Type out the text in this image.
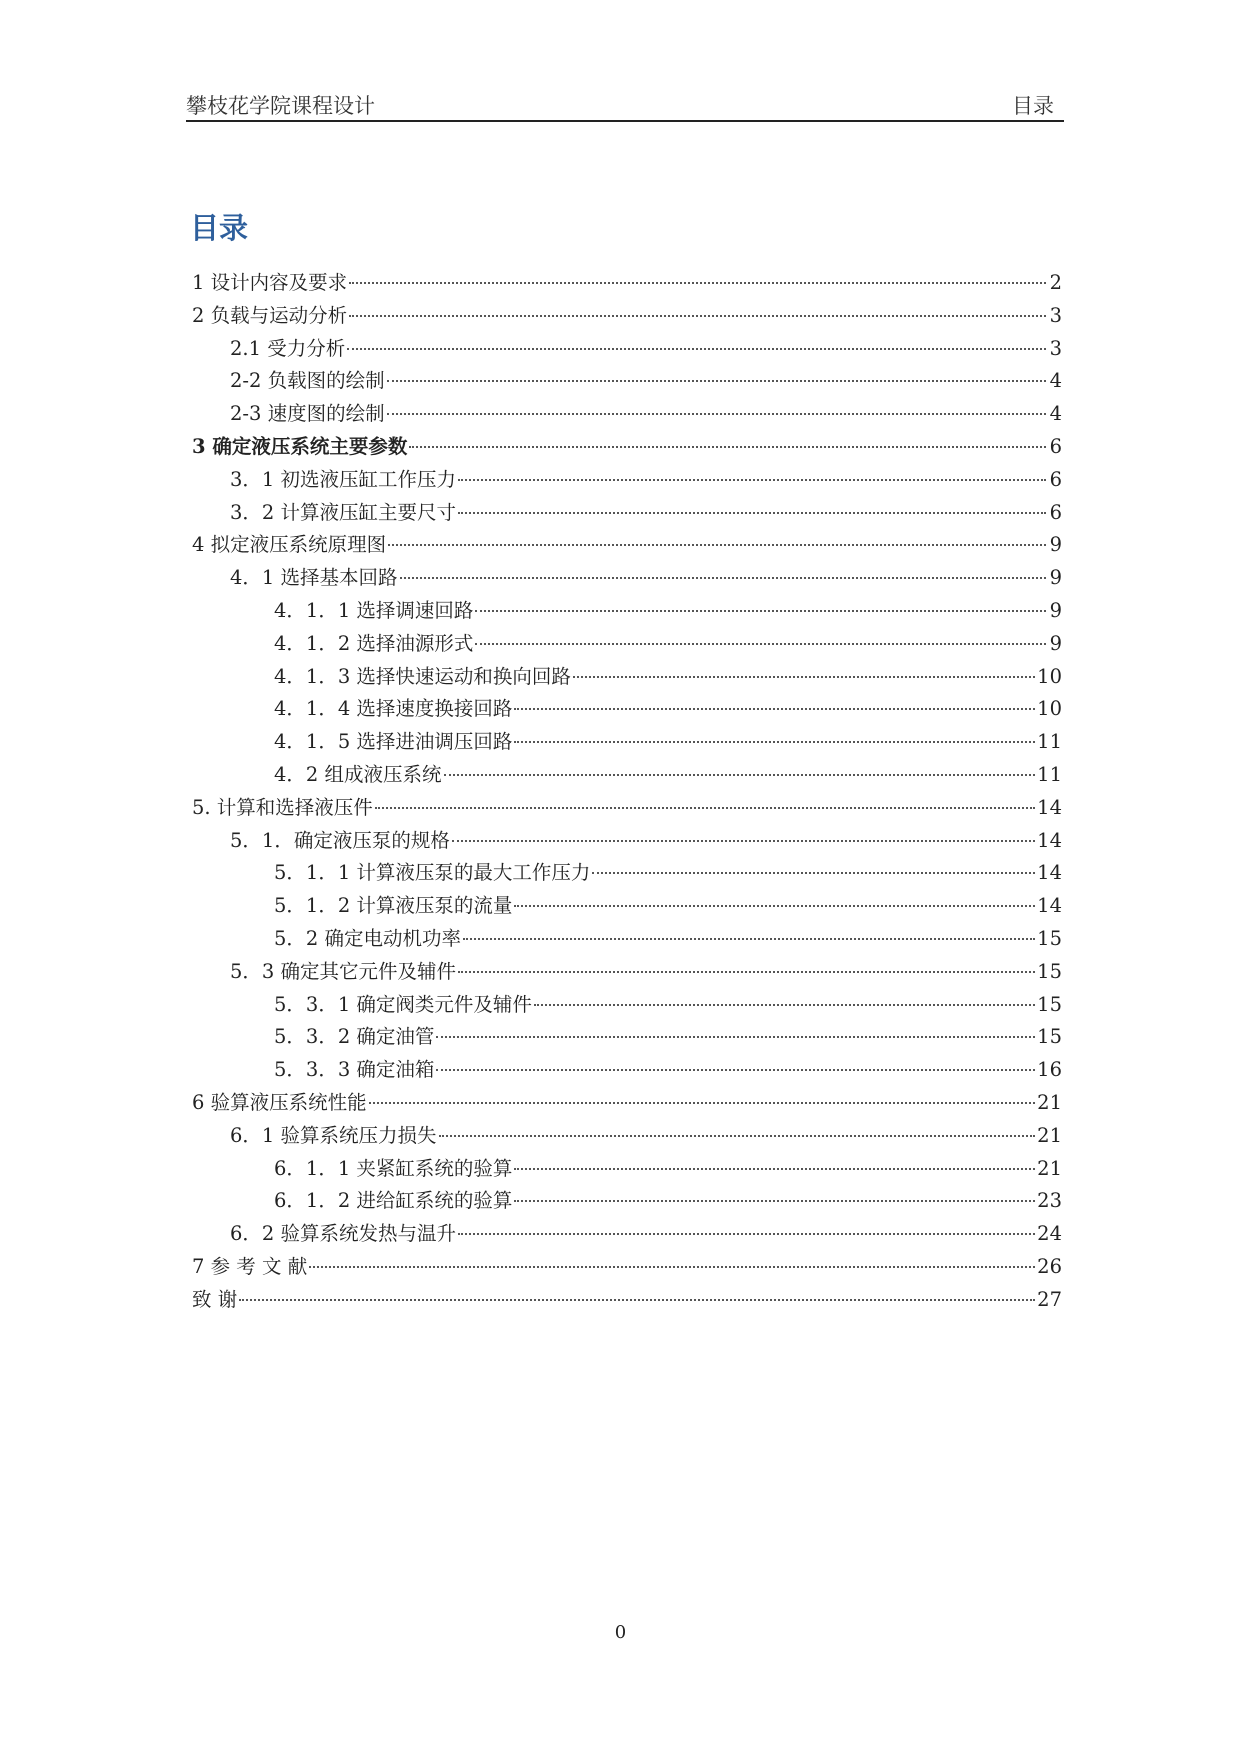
攀枝花学院课程设计	目录
目录
1 设计内容及要求	2
2 负载与运动分析	3
2.1 受力分析	3
2-2 负载图的绘制	4
2-3 速度图的绘制	4
3 确定液压系统主要参数	6
3．1 初选液压缸工作压力	6
3．2 计算液压缸主要尺寸	6
4 拟定液压系统原理图	9
4．1 选择基本回路	9
4．1．1 选择调速回路	9
4．1．2 选择油源形式	9
4．1．3 选择快速运动和换向回路	10
4．1．4 选择速度换接回路	10
4．1．5 选择进油调压回路	11
4．2 组成液压系统	11
5. 计算和选择液压件	14
5．1．确定液压泵的规格	14
5．1．1 计算液压泵的最大工作压力	14
5．1．2 计算液压泵的流量	14
5．2 确定电动机功率	15
5．3 确定其它元件及辅件	15
5．3．1 确定阀类元件及辅件	15
5．3．2 确定油管	15
5．3．3 确定油箱	16
6 验算液压系统性能	21
6．1 验算系统压力损失	21
6．1．1 夹紧缸系统的验算	21
6．1．2 进给缸系统的验算	23
6．2 验算系统发热与温升	24
7 参 考 文 献	26
致 谢	27
0
